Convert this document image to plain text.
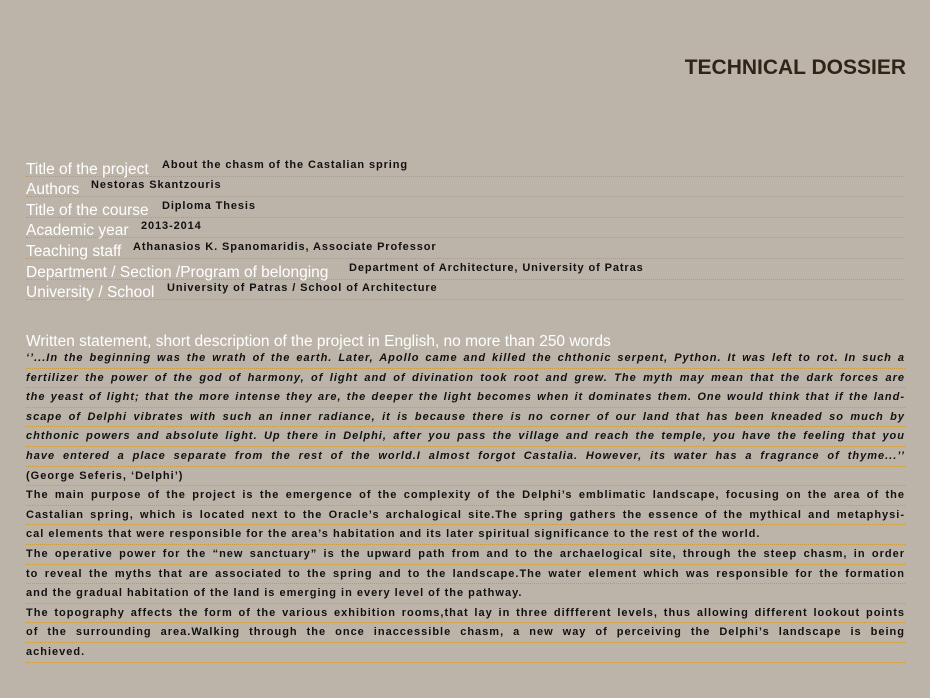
TECHNICAL DOSSIER
Title of the project About the chasm of the Castalian spring
Authors Nestoras Skantzouris
Title of the course Diploma Thesis
Academic year 2013-2014
Teaching staff Athanasios K. Spanomaridis, Associate Professor
Department / Section /Program of belonging Department of Architecture, University of Patras
University / School University of Patras / School of Architecture
Written statement, short description of the project in English, no more than 250 words
‘’...In the beginning was the wrath of the earth. Later, Apollo came and killed the chthonic serpent, Python. It was left to rot. In such a
fertilizer the power of the god of harmony, of light and of divination took root and grew. The myth may mean that the dark forces are
the yeast of light; that the more intense they are, the deeper the light becomes when it dominates them. One would think that if the land-
scape of Delphi vibrates with such an inner radiance, it is because there is no corner of our land that has been kneaded so much by
chthonic powers and absolute light. Up there in Delphi, after you pass the village and reach the temple, you have the feeling that you
have entered a place separate from the rest of the world.I almost forgot Castalia. However, its water has a fragrance of thyme...’’
(George Seferis, ‘Delphi’)
The main purpose of the project is the emergence of the complexity of the Delphi’s emblimatic landscape, focusing on the area of the
Castalian spring, which is located next to the Oracle’s archalogical site.The spring gathers the essence of the mythical and metaphysi-
cal elements that were responsible for the area’s habitation and its later spiritual significance to the rest of the world.
The operative power for the “new sanctuary” is the upward path from and to the archaelogical site, through the steep chasm, in order
to reveal the myths that are associated to the spring and to the landscape.The water element which was responsible for the formation
and the gradual habitation of the land is emerging in every level of the pathway.
The topography affects the form of the various exhibition rooms,that lay in three diffferent levels, thus allowing different lookout points
of the surrounding area.Walking through the once inaccessible chasm, a new way of perceiving the Delphi’s landscape is being
achieved.
